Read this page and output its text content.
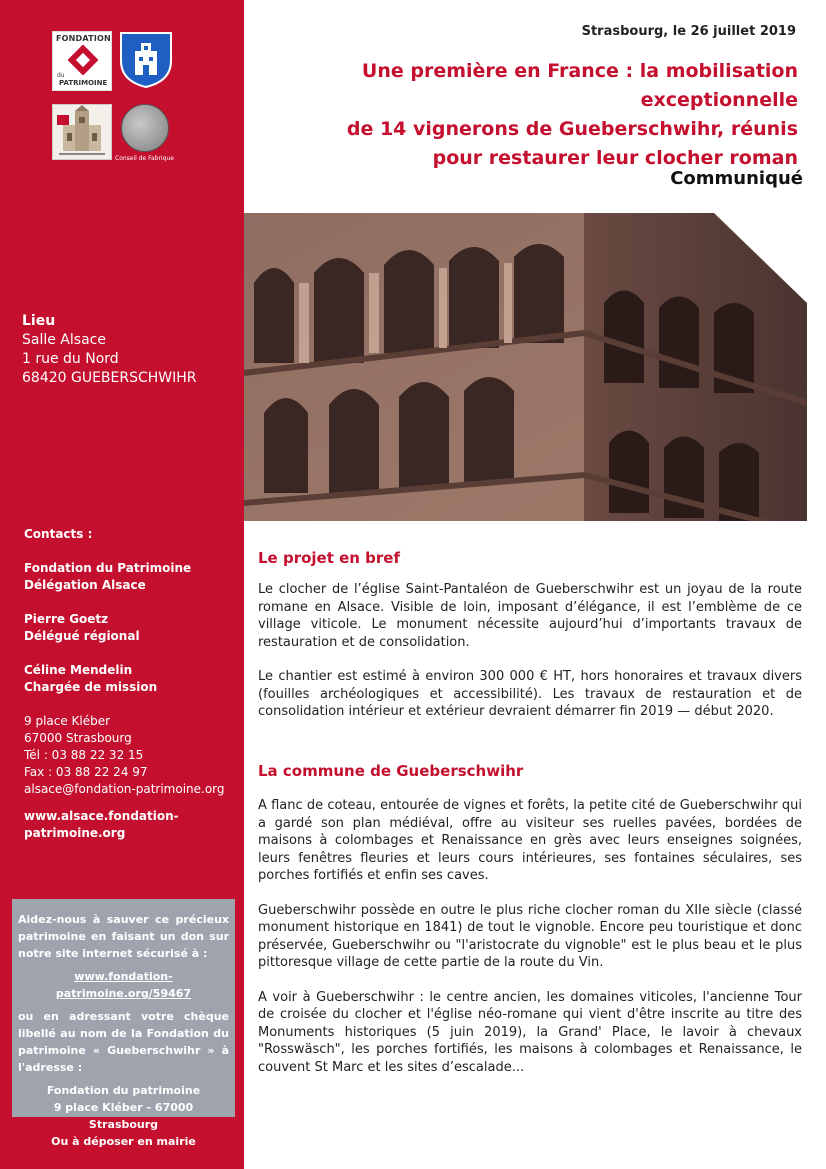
FONDATION
du
PATRIMOINE
Conseil de Fabrique
Lieu
Salle Alsace
1 rue du Nord
68420 GUEBERSCHWIHR
Contacts :
Fondation du Patrimoine
Délégation Alsace
Pierre Goetz
Délégué régional
Céline Mendelin
Chargée de mission
9 place Kléber
67000 Strasbourg
Tél : 03 88 22 32 15
Fax : 03 88 22 24 97
alsace@fondation-patrimoine.org
www.alsace.fondation-
patrimoine.org

Aidez-nous à sauver ce précieux patrimoine en faisant un don sur notre site internet sécurisé à :

www.fondation-patrimoine.org/59467

ou en adressant votre chèque libellé au nom de la Fondation du patrimoine « Gueberschwihr » à l'adresse :

Fondation du patrimoine

9 place Kléber - 67000 Strasbourg

Ou à déposer en mairie

Strasbourg, le 26 juillet 2019
Une première en France : la mobilisation exceptionnelle
de 14 vignerons de Gueberschwihr, réunis
pour restaurer leur clocher roman
Communiqué
Le projet en bref

Le clocher de l’église Saint-Pantaléon de Gueberschwihr est un joyau de la route romane en Alsace. Visible de loin, imposant d’élégance, il est l’emblème de ce village viticole. Le monument nécessite aujourd’hui d’importants travaux de restauration et de consolidation.

Le chantier est estimé à environ 300 000 € HT, hors honoraires et travaux divers (fouilles archéologiques et accessibilité). Les travaux de restauration et de consolidation intérieur et extérieur devraient démarrer fin 2019 — début 2020.

La commune de Gueberschwihr

A flanc de coteau, entourée de vignes et forêts, la petite cité de Gueberschwihr qui a gardé son plan médiéval, offre au visiteur ses ruelles pavées, bordées de maisons à colombages et Renaissance en grès avec leurs enseignes soignées, leurs fenêtres fleuries et leurs cours intérieures, ses fontaines séculaires, ses porches fortifiés et enfin ses caves.

Gueberschwihr possède en outre le plus riche clocher roman du XIIe siècle (classé monument historique en 1841) de tout le vignoble. Encore peu touristique et donc préservée, Gueberschwihr ou "l'aristocrate du vignoble" est le plus beau et le plus pittoresque village de cette partie de la route du Vin.

A voir à Gueberschwihr : le centre ancien, les domaines viticoles, l'ancienne Tour de croisée du clocher et l'église néo-romane qui vient d'être inscrite au titre des Monuments historiques (5 juin 2019), la Grand' Place, le lavoir à chevaux "Rosswäsch", les porches fortifiés, les maisons à colombages et Renaissance, le couvent St Marc et les sites d’escalade...
